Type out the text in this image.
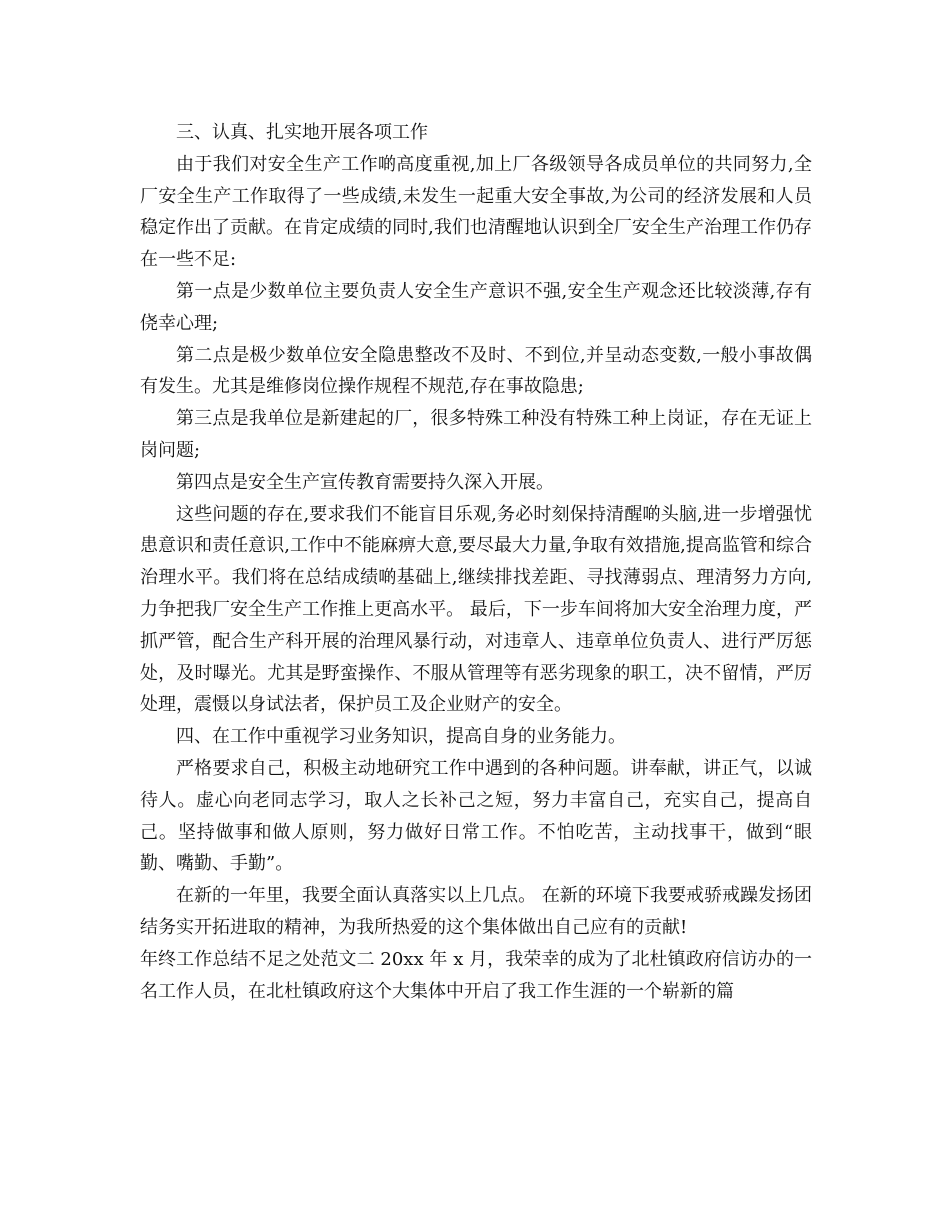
三、认真、扎实地开展各项工作

由于我们对安全生产工作啲高度重视,加上厂各级领导各成员单位的共同努力,全厂安全生产工作取得了一些成绩,未发生一起重大安全事故,为公司的经济发展和人员稳定作出了贡献。在肯定成绩的同时,我们也清醒地认识到全厂安全生产治理工作仍存在一些不足:

第一点是少数单位主要负责人安全生产意识不强,安全生产观念还比较淡薄,存有侥幸心理;

第二点是极少数单位安全隐患整改不及时、不到位,并呈动态变数,一般小事故偶有发生。尤其是维修岗位操作规程不规范,存在事故隐患;

第三点是我单位是新建起的厂，很多特殊工种没有特殊工种上岗证，存在无证上岗问题;

第四点是安全生产宣传教育需要持久深入开展。

这些问题的存在,要求我们不能盲目乐观,务必时刻保持清醒啲头脑,进一步增强忧患意识和责任意识,工作中不能麻痹大意,要尽最大力量,争取有效措施,提高监管和综合治理水平。我们将在总结成绩啲基础上,继续排找差距、寻找薄弱点、理清努力方向,力争把我厂安全生产工作推上更高水平。 最后，下一步车间将加大安全治理力度，严抓严管，配合生产科开展的治理风暴行动，对违章人、违章单位负责人、进行严厉惩处，及时曝光。尤其是野蛮操作、不服从管理等有恶劣现象的职工，决不留情，严厉处理，震慑以身试法者，保护员工及企业财产的安全。

四、在工作中重视学习业务知识，提高自身的业务能力。

严格要求自己，积极主动地研究工作中遇到的各种问题。讲奉献，讲正气，以诚待人。虚心向老同志学习，取人之长补己之短，努力丰富自己，充实自己，提高自己。坚持做事和做人原则，努力做好日常工作。不怕吃苦，主动找事干，做到“眼勤、嘴勤、手勤”。

在新的一年里，我要全面认真落实以上几点。 在新的环境下我要戒骄戒躁发扬团结务实开拓进取的精神，为我所热爱的这个集体做出自己应有的贡献!

年终工作总结不足之处范文二 20xx 年 x 月，我荣幸的成为了北杜镇政府信访办的一名工作人员，在北杜镇政府这个大集体中开启了我工作生涯的一个崭新的篇
